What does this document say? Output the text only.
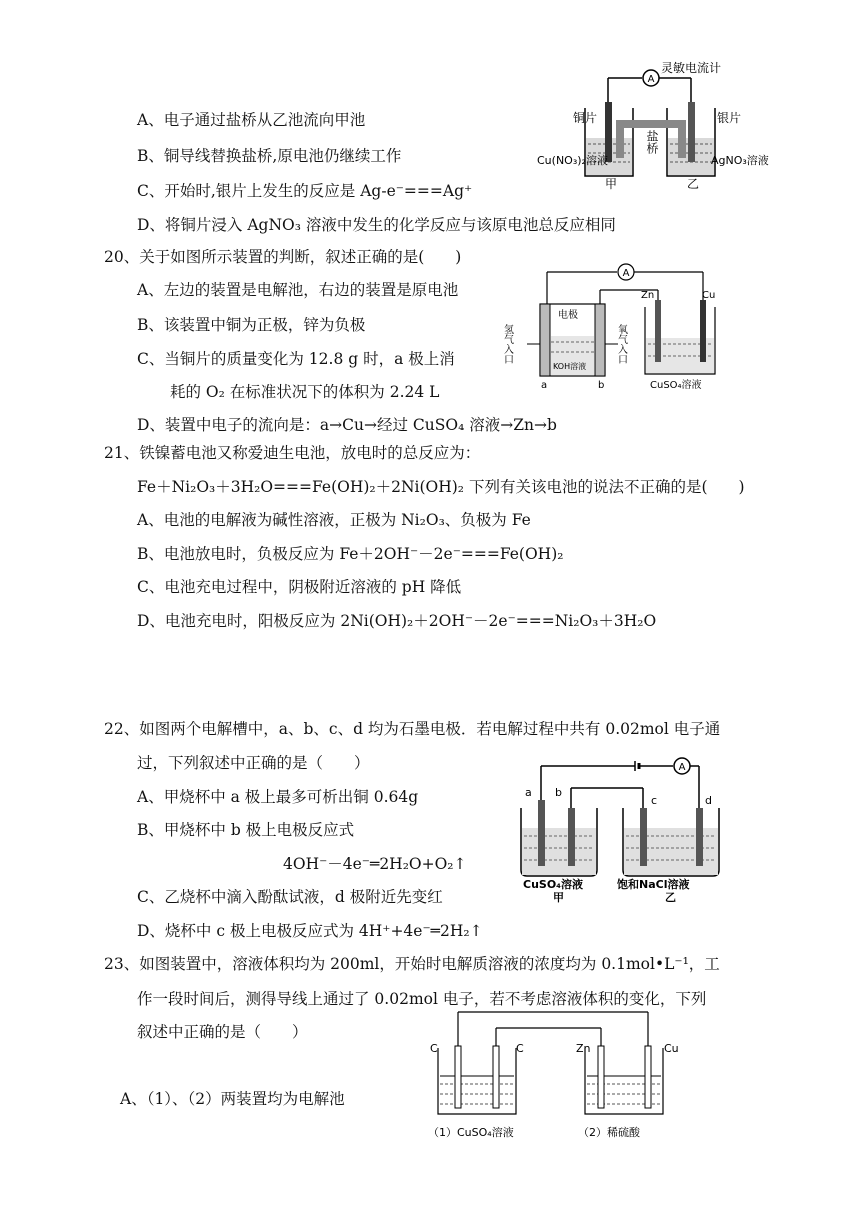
A、电子通过盐桥从乙池流向甲池
B、铜导线替换盐桥,原电池仍继续工作
C、开始时,银片上发生的反应是 Ag-e⁻===Ag⁺
D、将铜片浸入 AgNO₃ 溶液中发生的化学反应与该原电池总反应相同
A
灵敏电流计
盐桥
铜片	银片
Cu(NO₃)₂溶液	AgNO₃溶液
甲	乙
20、关于如图所示装置的判断，叙述正确的是(　　)
A、左边的装置是电解池，右边的装置是原电池
B、该装置中铜为正极，锌为负极
C、当铜片的质量变化为 12.8 g 时，a 极上消
耗的 O₂ 在标准状况下的体积为 2.24 L
D、装置中电子的流向是：a→Cu→经过 CuSO₄ 溶液→Zn→b
A
电极
KOH溶液
氢气入口	氧气入口
a	b
Zn	Cu
CuSO₄溶液
21、铁镍蓄电池又称爱迪生电池，放电时的总反应为：
Fe＋Ni₂O₃＋3H₂O===Fe(OH)₂＋2Ni(OH)₂ 下列有关该电池的说法不正确的是(　　)
A、电池的电解液为碱性溶液，正极为 Ni₂O₃、负极为 Fe
B、电池放电时，负极反应为 Fe＋2OH⁻－2e⁻===Fe(OH)₂
C、电池充电过程中，阴极附近溶液的 pH 降低
D、电池充电时，阳极反应为 2Ni(OH)₂＋2OH⁻－2e⁻===Ni₂O₃＋3H₂O
22、如图两个电解槽中，a、b、c、d 均为石墨电极．若电解过程中共有 0.02mol 电子通
过，下列叙述中正确的是（　　）
A、甲烧杯中 a 极上最多可析出铜 0.64g
B、甲烧杯中 b 极上电极反应式
4OH⁻－4e⁻═2H₂O+O₂↑
C、乙烧杯中滴入酚酞试液，d 极附近先变红
D、烧杯中 c 极上电极反应式为 4H⁺+4e⁻═2H₂↑
A
a b
c	d
CuSO₄溶液
甲
饱和NaCl溶液
乙
23、如图装置中，溶液体积均为 200ml，开始时电解质溶液的浓度均为 0.1mol•L⁻¹，工
作一段时间后，测得导线上通过了 0.02mol 电子，若不考虑溶液体积的变化，下列
叙述中正确的是（　　）
A、（1）、（2）两装置均为电解池
C	C	Zn	Cu
（1）CuSO₄溶液	（2）稀硫酸
